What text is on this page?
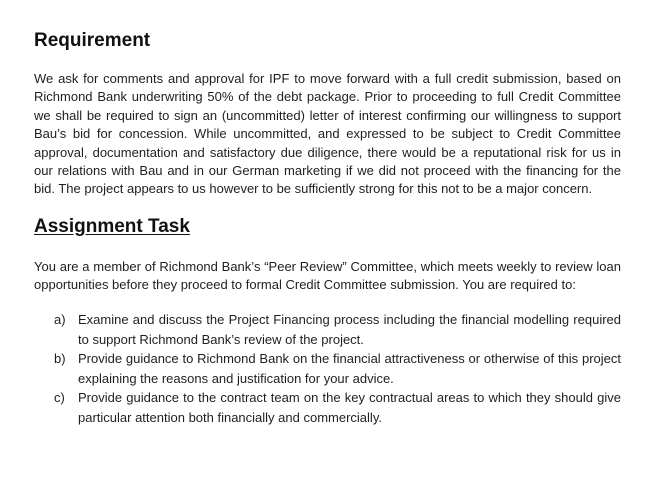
Requirement

We ask for comments and approval for IPF to move forward with a full credit submission, based on Richmond Bank underwriting 50% of the debt package. Prior to proceeding to full Credit Committee we shall be required to sign an (uncommitted) letter of interest confirming our willingness to support Bau’s bid for concession. While uncommitted, and expressed to be subject to Credit Committee approval, documentation and satisfactory due diligence, there would be a reputational risk for us in our relations with Bau and in our German marketing if we did not proceed with the financing for the bid. The project appears to us however to be sufficiently strong for this not to be a major concern.

Assignment Task

You are a member of Richmond Bank’s “Peer Review” Committee, which meets weekly to review loan opportunities before they proceed to formal Credit Committee submission. You are required to:

a) Examine and discuss the Project Financing process including the financial modelling required to support Richmond Bank’s review of the project.
b) Provide guidance to Richmond Bank on the financial attractiveness or otherwise of this project explaining the reasons and justification for your advice.
c) Provide guidance to the contract team on the key contractual areas to which they should give particular attention both financially and commercially.
